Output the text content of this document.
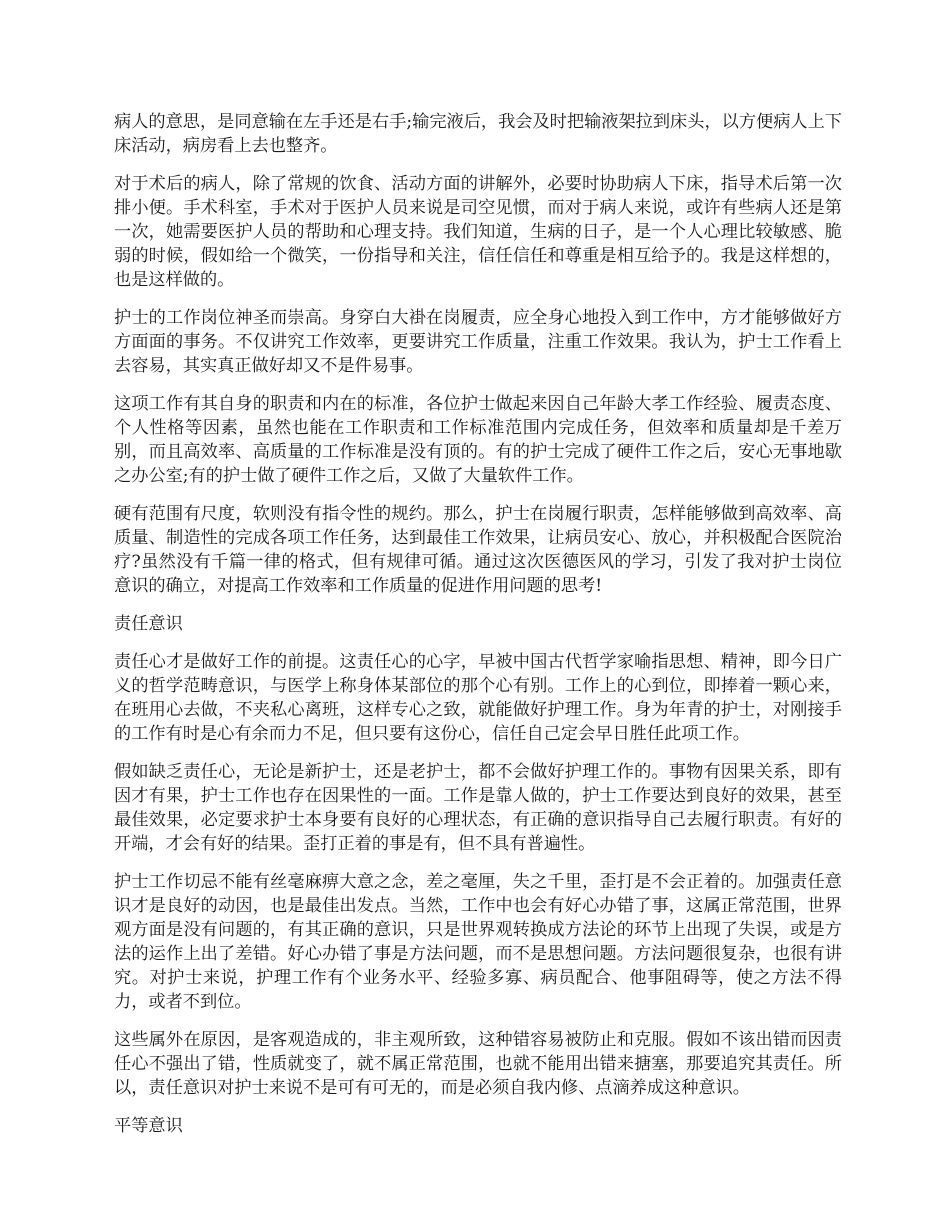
病人的意思，是同意输在左手还是右手;输完液后，我会及时把输液架拉到床头，以方便病人上下床活动，病房看上去也整齐。

对于术后的病人，除了常规的饮食、活动方面的讲解外，必要时协助病人下床，指导术后第一次排小便。手术科室，手术对于医护人员来说是司空见惯，而对于病人来说，或许有些病人还是第一次，她需要医护人员的帮助和心理支持。我们知道，生病的日子，是一个人心理比较敏感、脆弱的时候，假如给一个微笑，一份指导和关注，信任信任和尊重是相互给予的。我是这样想的，也是这样做的。

护士的工作岗位神圣而崇高。身穿白大褂在岗履责，应全身心地投入到工作中，方才能够做好方方面面的事务。不仅讲究工作效率，更要讲究工作质量，注重工作效果。我认为，护士工作看上去容易，其实真正做好却又不是件易事。

这项工作有其自身的职责和内在的标准，各位护士做起来因自己年龄大孝工作经验、履责态度、个人性格等因素，虽然也能在工作职责和工作标准范围内完成任务，但效率和质量却是千差万别，而且高效率、高质量的工作标准是没有顶的。有的护士完成了硬件工作之后，安心无事地歇之办公室;有的护士做了硬件工作之后，又做了大量软件工作。

硬有范围有尺度，软则没有指令性的规约。那么，护士在岗履行职责，怎样能够做到高效率、高质量、制造性的完成各项工作任务，达到最佳工作效果，让病员安心、放心，并积极配合医院治疗?虽然没有千篇一律的格式，但有规律可循。通过这次医德医风的学习，引发了我对护士岗位意识的确立，对提高工作效率和工作质量的促进作用问题的思考!

责任意识

责任心才是做好工作的前提。这责任心的心字，早被中国古代哲学家喻指思想、精神，即今日广义的哲学范畴意识，与医学上称身体某部位的那个心有别。工作上的心到位，即捧着一颗心来，在班用心去做，不夹私心离班，这样专心之致，就能做好护理工作。身为年青的护士，对刚接手的工作有时是心有余而力不足，但只要有这份心，信任自己定会早日胜任此项工作。

假如缺乏责任心，无论是新护士，还是老护士，都不会做好护理工作的。事物有因果关系，即有因才有果，护士工作也存在因果性的一面。工作是靠人做的，护士工作要达到良好的效果，甚至最佳效果，必定要求护士本身要有良好的心理状态，有正确的意识指导自己去履行职责。有好的开端，才会有好的结果。歪打正着的事是有，但不具有普遍性。

护士工作切忌不能有丝毫麻痹大意之念，差之毫厘，失之千里，歪打是不会正着的。加强责任意识才是良好的动因，也是最佳出发点。当然，工作中也会有好心办错了事，这属正常范围，世界观方面是没有问题的，有其正确的意识，只是世界观转换成方法论的环节上出现了失误，或是方法的运作上出了差错。好心办错了事是方法问题，而不是思想问题。方法问题很复杂，也很有讲究。对护士来说，护理工作有个业务水平、经验多寡、病员配合、他事阻碍等，使之方法不得力，或者不到位。

这些属外在原因，是客观造成的，非主观所致，这种错容易被防止和克服。假如不该出错而因责任心不强出了错，性质就变了，就不属正常范围，也就不能用出错来搪塞，那要追究其责任。所以，责任意识对护士来说不是可有可无的，而是必须自我内修、点滴养成这种意识。

平等意识
